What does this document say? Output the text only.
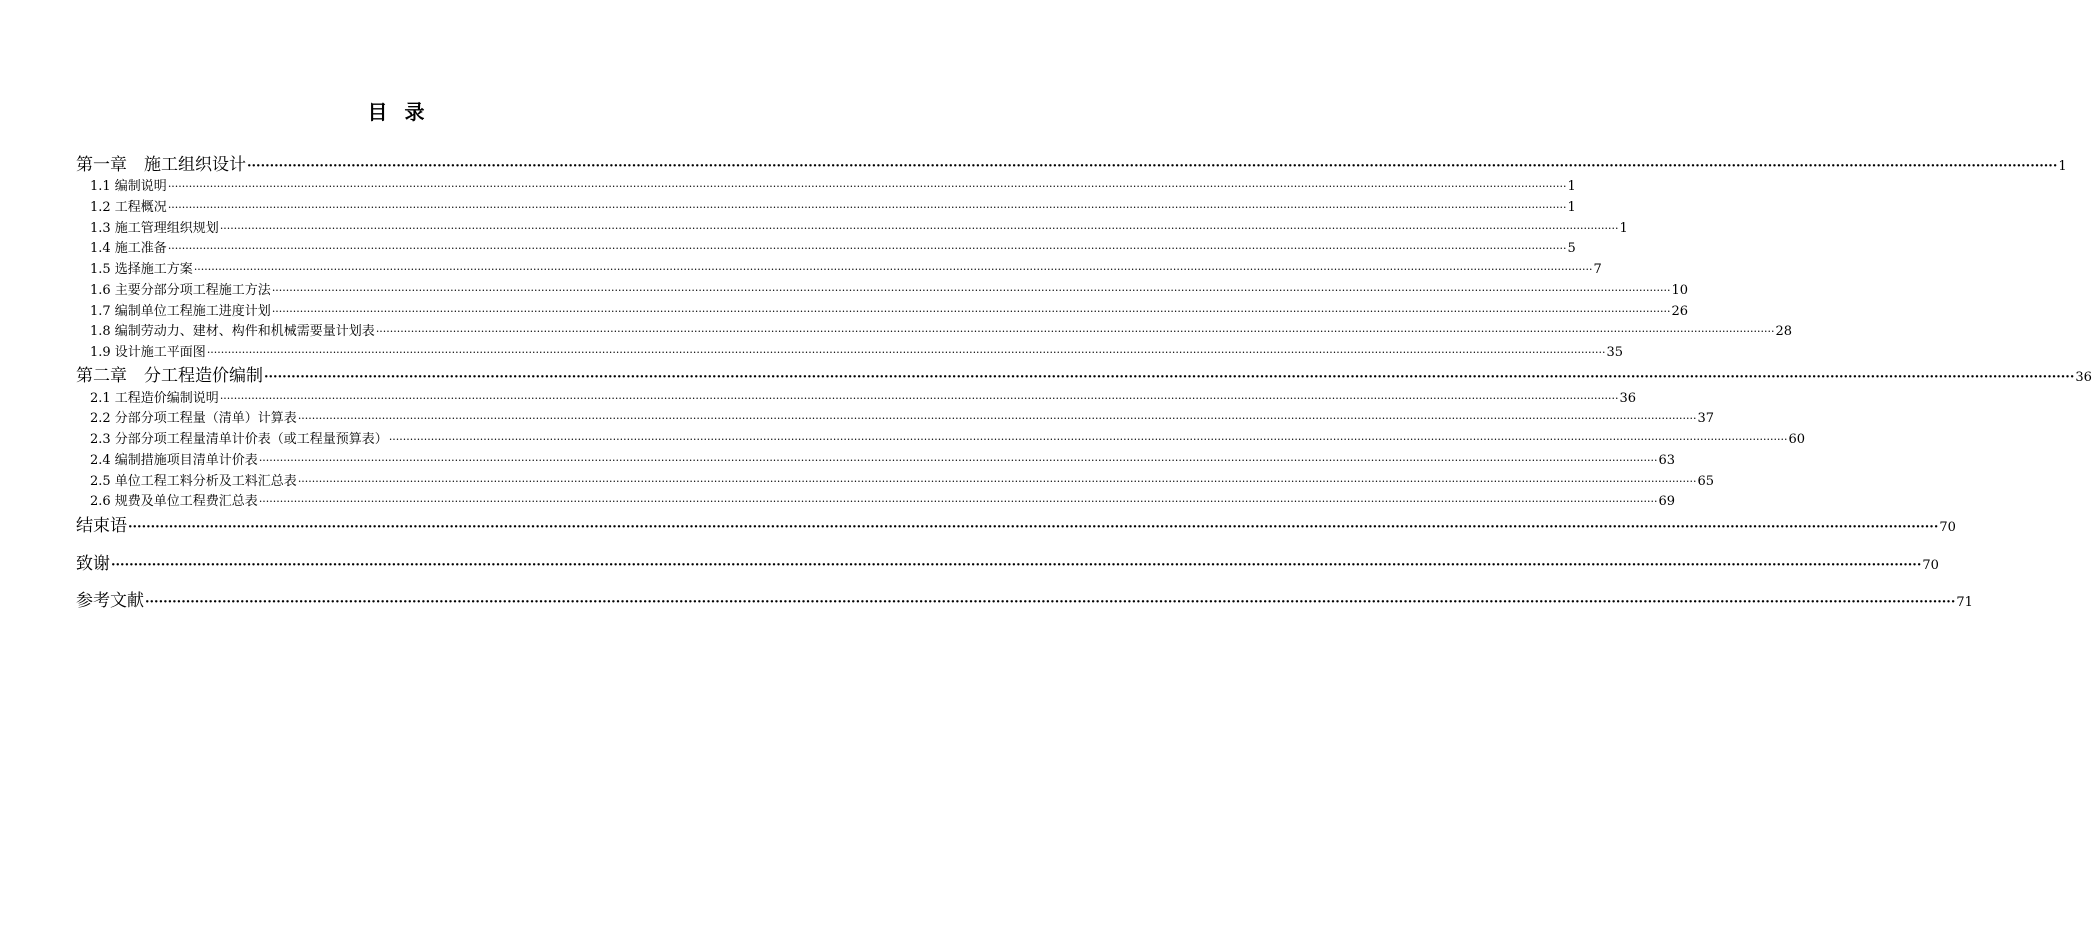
目  录
第一章　施工组织设计 ················································································································································································································································································································································································································ 1
1.1 编制说明 ················································································································································································································································································································································································································ 1
1.2 工程概况 ················································································································································································································································································································································································································ 1
1.3 施工管理组织规划 ················································································································································································································································································································································································································ 1
1.4 施工准备 ················································································································································································································································································································································································································ 5
1.5 选择施工方案 ················································································································································································································································································································································································································ 7
1.6 主要分部分项工程施工方法 ················································································································································································································································································································································································································ 10
1.7 编制单位工程施工进度计划 ················································································································································································································································································································································································································ 26
1.8 编制劳动力、建材、构件和机械需要量计划表 ················································································································································································································································································································································································································ 28
1.9 设计施工平面图 ················································································································································································································································································································································································································ 35
第二章　分工程造价编制 ················································································································································································································································································································································································································ 36
2.1 工程造价编制说明 ················································································································································································································································································································································································································ 36
2.2 分部分项工程量（清单）计算表 ················································································································································································································································································································································································································ 37
2.3 分部分项工程量清单计价表（或工程量预算表） ················································································································································································································································································································································································································ 60
2.4 编制措施项目清单计价表 ················································································································································································································································································································································································································ 63
2.5 单位工程工料分析及工料汇总表 ················································································································································································································································································································································································································ 65
2.6 规费及单位工程费汇总表 ················································································································································································································································································································································································································ 69
结束语 ················································································································································································································································································································································································································ 70
致谢 ················································································································································································································································································································································································································ 70
参考文献 ················································································································································································································································································································································································································ 71
